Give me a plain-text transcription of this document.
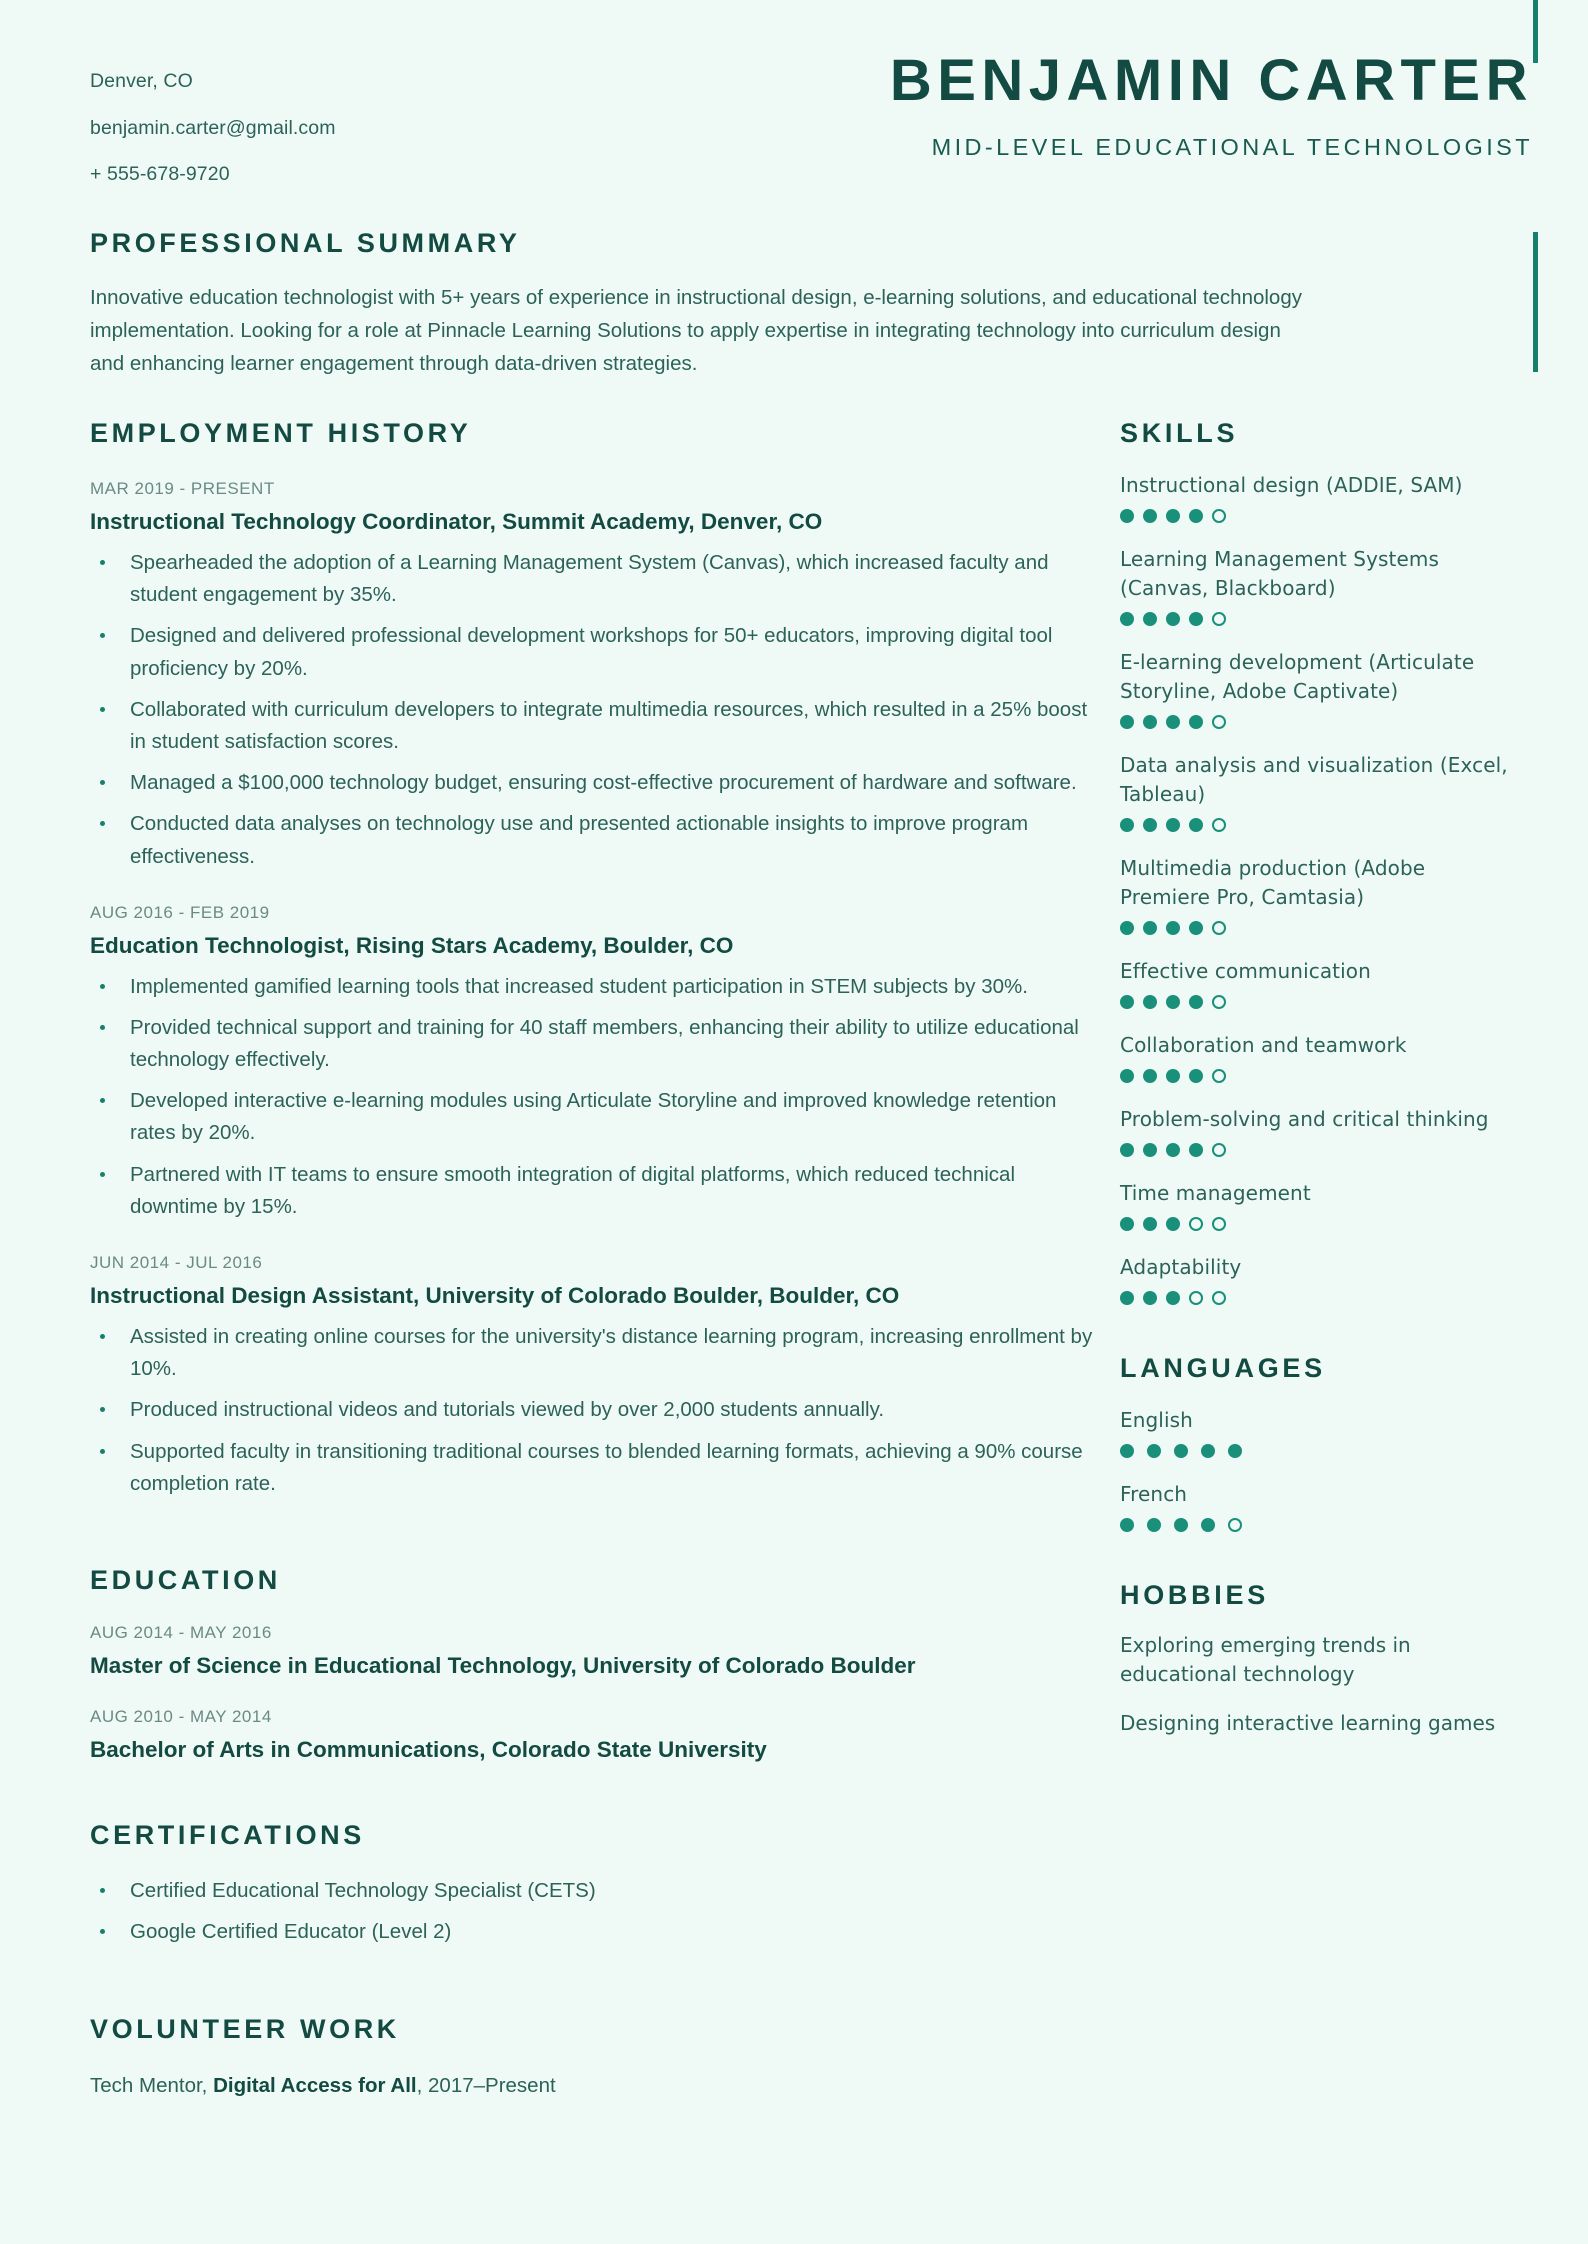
Denver, CO
benjamin.carter@gmail.com
+ 555-678-9720
BENJAMIN CARTER
MID-LEVEL EDUCATIONAL TECHNOLOGIST
PROFESSIONAL SUMMARY
Innovative education technologist with 5+ years of experience in instructional design, e-learning solutions, and educational technology implementation. Looking for a role at Pinnacle Learning Solutions to apply expertise in integrating technology into curriculum design and enhancing learner engagement through data-driven strategies.
EMPLOYMENT HISTORY
MAR 2019 - PRESENT
Instructional Technology Coordinator, Summit Academy, Denver, CO
Spearheaded the adoption of a Learning Management System (Canvas), which increased faculty and student engagement by 35%.
Designed and delivered professional development workshops for 50+ educators, improving digital tool proficiency by 20%.
Collaborated with curriculum developers to integrate multimedia resources, which resulted in a 25% boost in student satisfaction scores.
Managed a $100,000 technology budget, ensuring cost-effective procurement of hardware and software.
Conducted data analyses on technology use and presented actionable insights to improve program effectiveness.
AUG 2016 - FEB 2019
Education Technologist, Rising Stars Academy, Boulder, CO
Implemented gamified learning tools that increased student participation in STEM subjects by 30%.
Provided technical support and training for 40 staff members, enhancing their ability to utilize educational technology effectively.
Developed interactive e-learning modules using Articulate Storyline and improved knowledge retention rates by 20%.
Partnered with IT teams to ensure smooth integration of digital platforms, which reduced technical downtime by 15%.
JUN 2014 - JUL 2016
Instructional Design Assistant, University of Colorado Boulder, Boulder, CO
Assisted in creating online courses for the university's distance learning program, increasing enrollment by 10%.
Produced instructional videos and tutorials viewed by over 2,000 students annually.
Supported faculty in transitioning traditional courses to blended learning formats, achieving a 90% course completion rate.
EDUCATION
AUG 2014 - MAY 2016
Master of Science in Educational Technology, University of Colorado Boulder
AUG 2010 - MAY 2014
Bachelor of Arts in Communications, Colorado State University
CERTIFICATIONS
Certified Educational Technology Specialist (CETS)
Google Certified Educator (Level 2)
VOLUNTEER WORK
Tech Mentor, Digital Access for All, 2017–Present
SKILLS
Instructional design (ADDIE, SAM)
Learning Management Systems (Canvas, Blackboard)
E-learning development (Articulate Storyline, Adobe Captivate)
Data analysis and visualization (Excel, Tableau)
Multimedia production (Adobe Premiere Pro, Camtasia)
Effective communication
Collaboration and teamwork
Problem-solving and critical thinking
Time management
Adaptability
LANGUAGES
English
French
HOBBIES
Exploring emerging trends in educational technology
Designing interactive learning games
